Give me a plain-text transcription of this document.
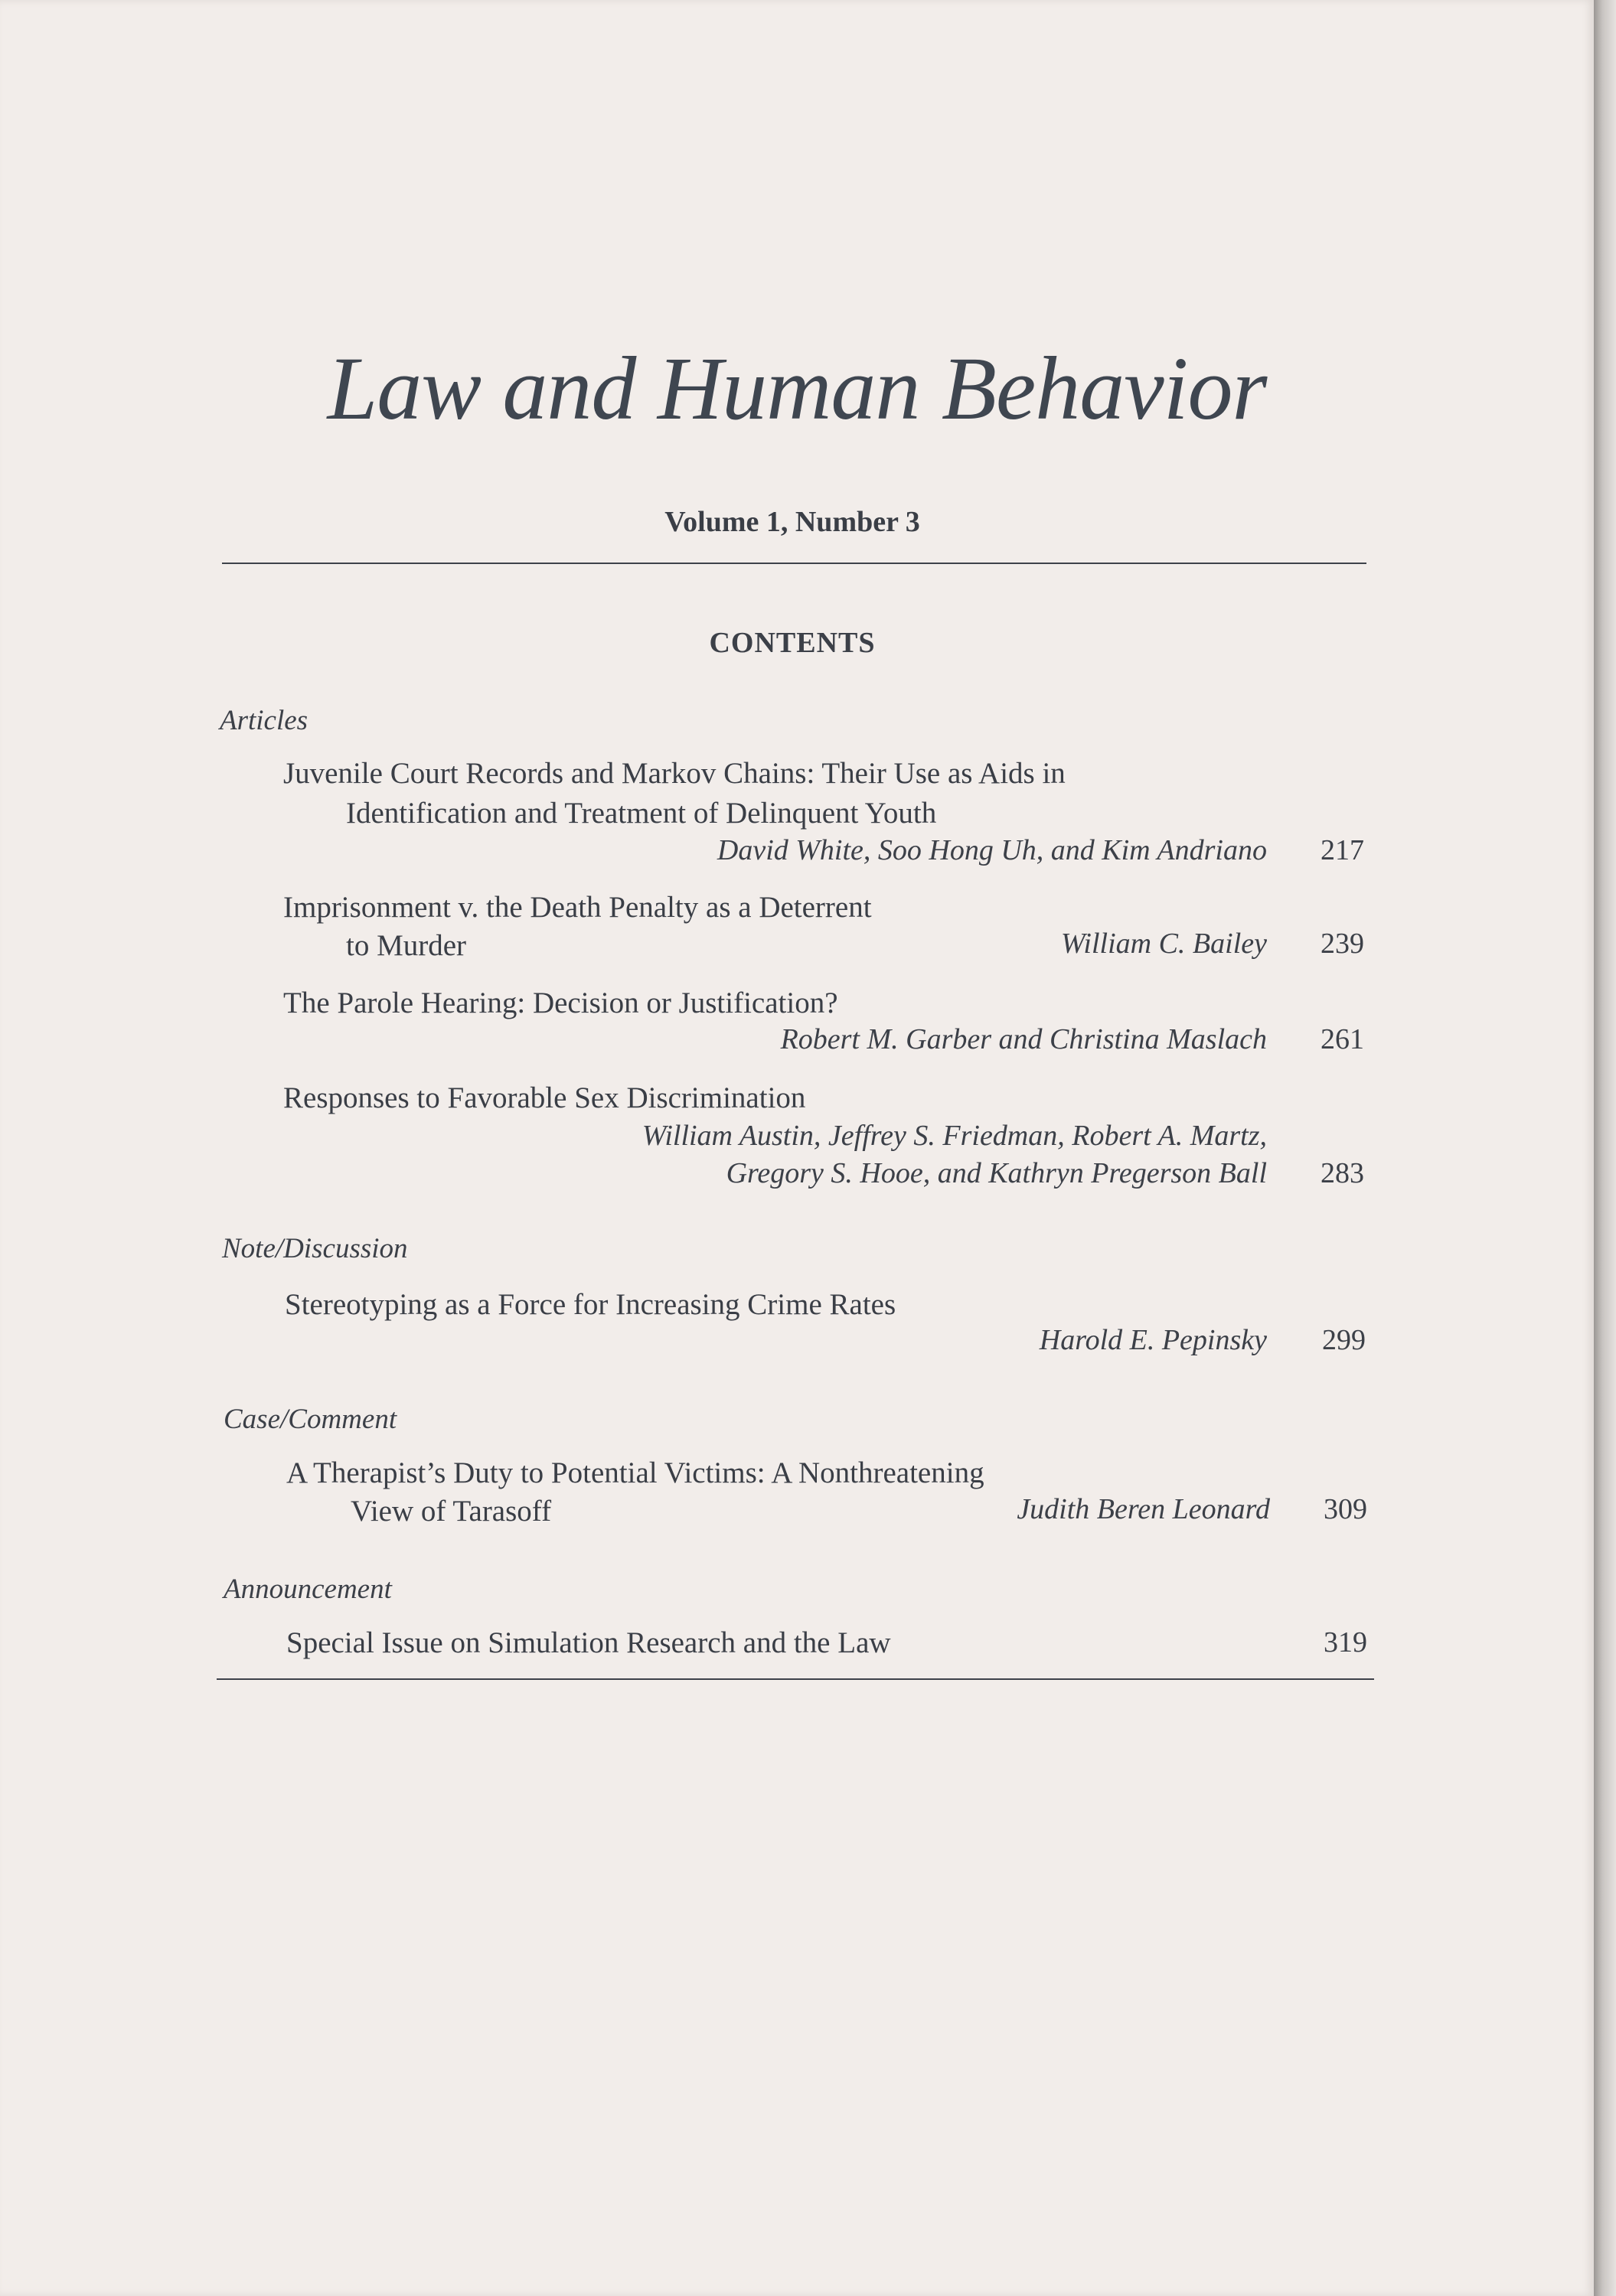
Law and Human Behavior
Volume 1, Number 3
CONTENTS
Articles
Juvenile Court Records and Markov Chains: Their Use as Aids in
Identification and Treatment of Delinquent Youth
David White, Soo Hong Uh, and Kim Andriano 217
Imprisonment v. the Death Penalty as a Deterrent
to Murder	William C. Bailey 239
The Parole Hearing: Decision or Justification?
Robert M. Garber and Christina Maslach 261
Responses to Favorable Sex Discrimination
William Austin, Jeffrey S. Friedman, Robert A. Martz,
Gregory S. Hooe, and Kathryn Pregerson Ball 283
Note/Discussion
Stereotyping as a Force for Increasing Crime Rates
Harold E. Pepinsky 299
Case/Comment
A Therapist’s Duty to Potential Victims: A Nonthreatening
View of Tarasoff	Judith Beren Leonard 309
Announcement
Special Issue on Simulation Research and the Law	319
